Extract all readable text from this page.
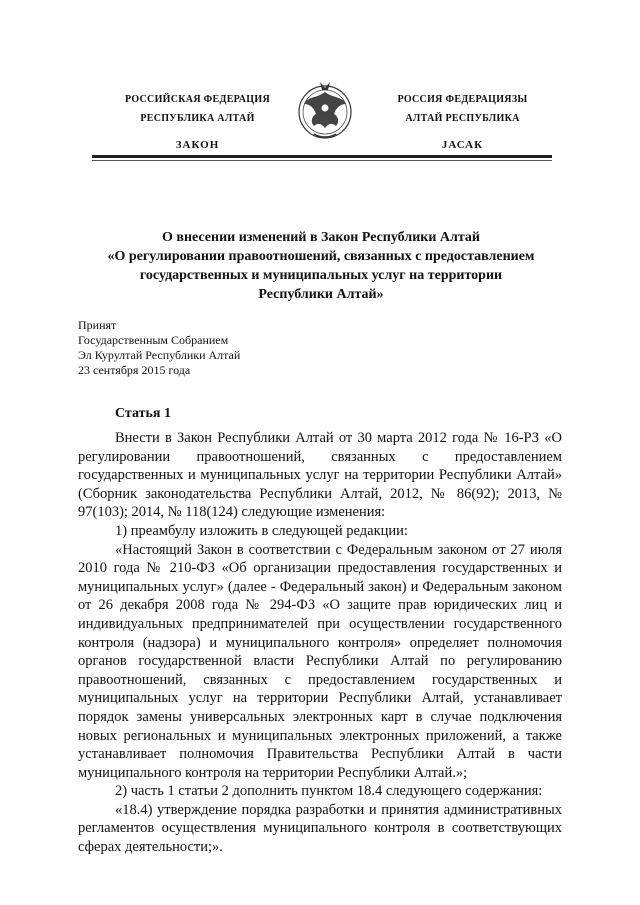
РОССИЙСКАЯ ФЕДЕРАЦИЯ
РЕСПУБЛИКА АЛТАЙ
ЗАКОН
РОССИЯ ФЕДЕРАЦИЯЗЫ
АЛТАЙ РЕСПУБЛИКА
JАСАК
О внесении изменений в Закон Республики Алтай
«О регулировании правоотношений, связанных с предоставлением
государственных и муниципальных услуг на территории
Республики Алтай»
Принят
Государственным Собранием
Эл Курултай Республики Алтай
23 сентября 2015 года
Статья 1

Внести в Закон Республики Алтай от 30 марта 2012 года № 16-РЗ «О регулировании правоотношений, связанных с предоставлением государственных и муниципальных услуг на территории Республики Алтай» (Сборник законодательства Республики Алтай, 2012, № 86(92); 2013, № 97(103); 2014, № 118(124) следующие изменения:

1) преамбулу изложить в следующей редакции:

«Настоящий Закон в соответствии с Федеральным законом от 27 июля 2010 года № 210-ФЗ «Об организации предоставления государственных и муниципальных услуг» (далее - Федеральный закон) и Федеральным законом от 26 декабря 2008 года № 294-ФЗ «О защите прав юридических лиц и индивидуальных предпринимателей при осуществлении государственного контроля (надзора) и муниципального контроля» определяет полномочия органов государственной власти Республики Алтай по регулированию правоотношений, связанных с предоставлением государственных и муниципальных услуг на территории Республики Алтай, устанавливает порядок замены универсальных электронных карт в случае подключения новых региональных и муниципальных электронных приложений, а также устанавливает полномочия Правительства Республики Алтай в части муниципального контроля на территории Республики Алтай.»;

2) часть 1 статьи 2 дополнить пунктом 18.4 следующего содержания:

«18.4) утверждение порядка разработки и принятия административных регламентов осуществления муниципального контроля в соответствующих сферах деятельности;».
